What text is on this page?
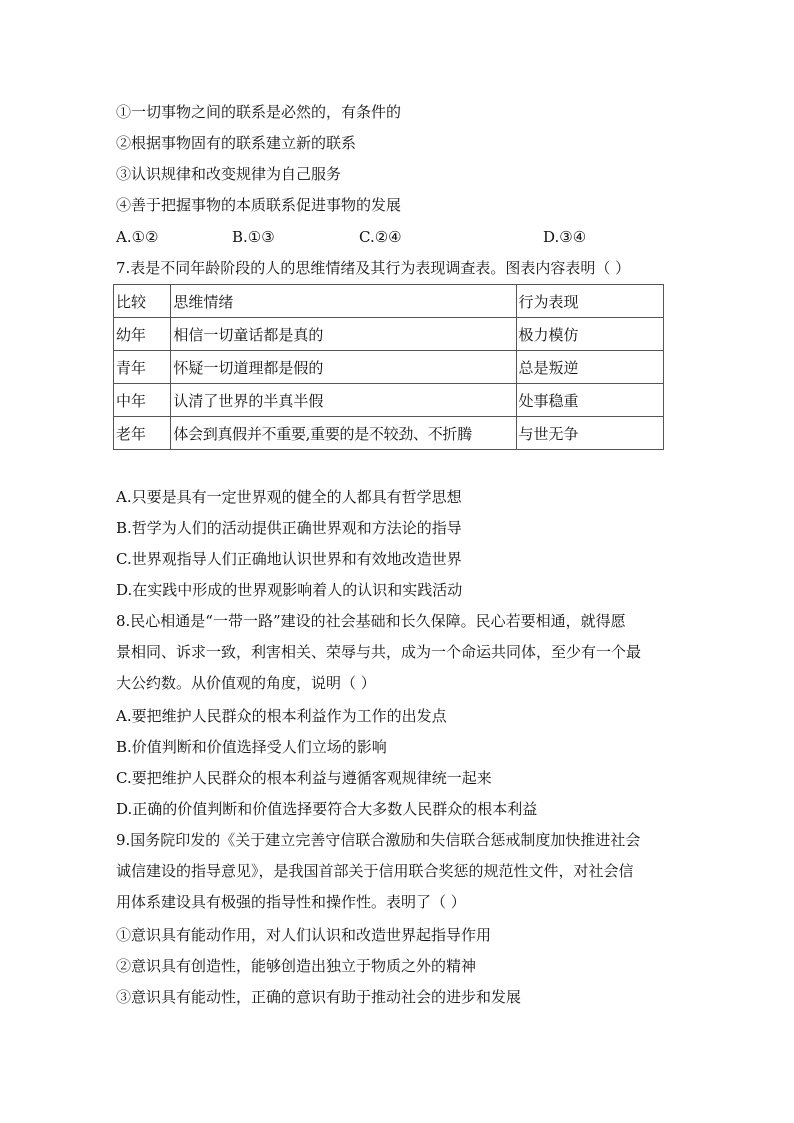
①一切事物之间的联系是必然的，有条件的
②根据事物固有的联系建立新的联系
③认识规律和改变规律为自己服务
④善于把握事物的本质联系促进事物的发展
A.①②	B.①③	C.②④	D.③④
7.表是不同年龄阶段的人的思维情绪及其行为表现调查表。图表内容表明（ ）
比较	思维情绪	行为表现
幼年	相信一切童话都是真的	极力模仿
青年	怀疑一切道理都是假的	总是叛逆
中年	认清了世界的半真半假	处事稳重
老年	体会到真假并不重要,重要的是不较劲、不折腾	与世无争
A.只要是具有一定世界观的健全的人都具有哲学思想
B.哲学为人们的活动提供正确世界观和方法论的指导
C.世界观指导人们正确地认识世界和有效地改造世界
D.在实践中形成的世界观影响着人的认识和实践活动
8.民心相通是“一带一路”建设的社会基础和长久保障。民心若要相通，就得愿
景相同、诉求一致，利害相关、荣辱与共，成为一个命运共同体，至少有一个最
大公约数。从价值观的角度，说明（ ）
A.要把维护人民群众的根本利益作为工作的出发点
B.价值判断和价值选择受人们立场的影响
C.要把维护人民群众的根本利益与遵循客观规律统一起来
D.正确的价值判断和价值选择要符合大多数人民群众的根本利益
9.国务院印发的《关于建立完善守信联合激励和失信联合惩戒制度加快推进社会
诚信建设的指导意见》，是我国首部关于信用联合奖惩的规范性文件，对社会信
用体系建设具有极强的指导性和操作性。表明了（ ）
①意识具有能动作用，对人们认识和改造世界起指导作用
②意识具有创造性，能够创造出独立于物质之外的精神
③意识具有能动性，正确的意识有助于推动社会的进步和发展
